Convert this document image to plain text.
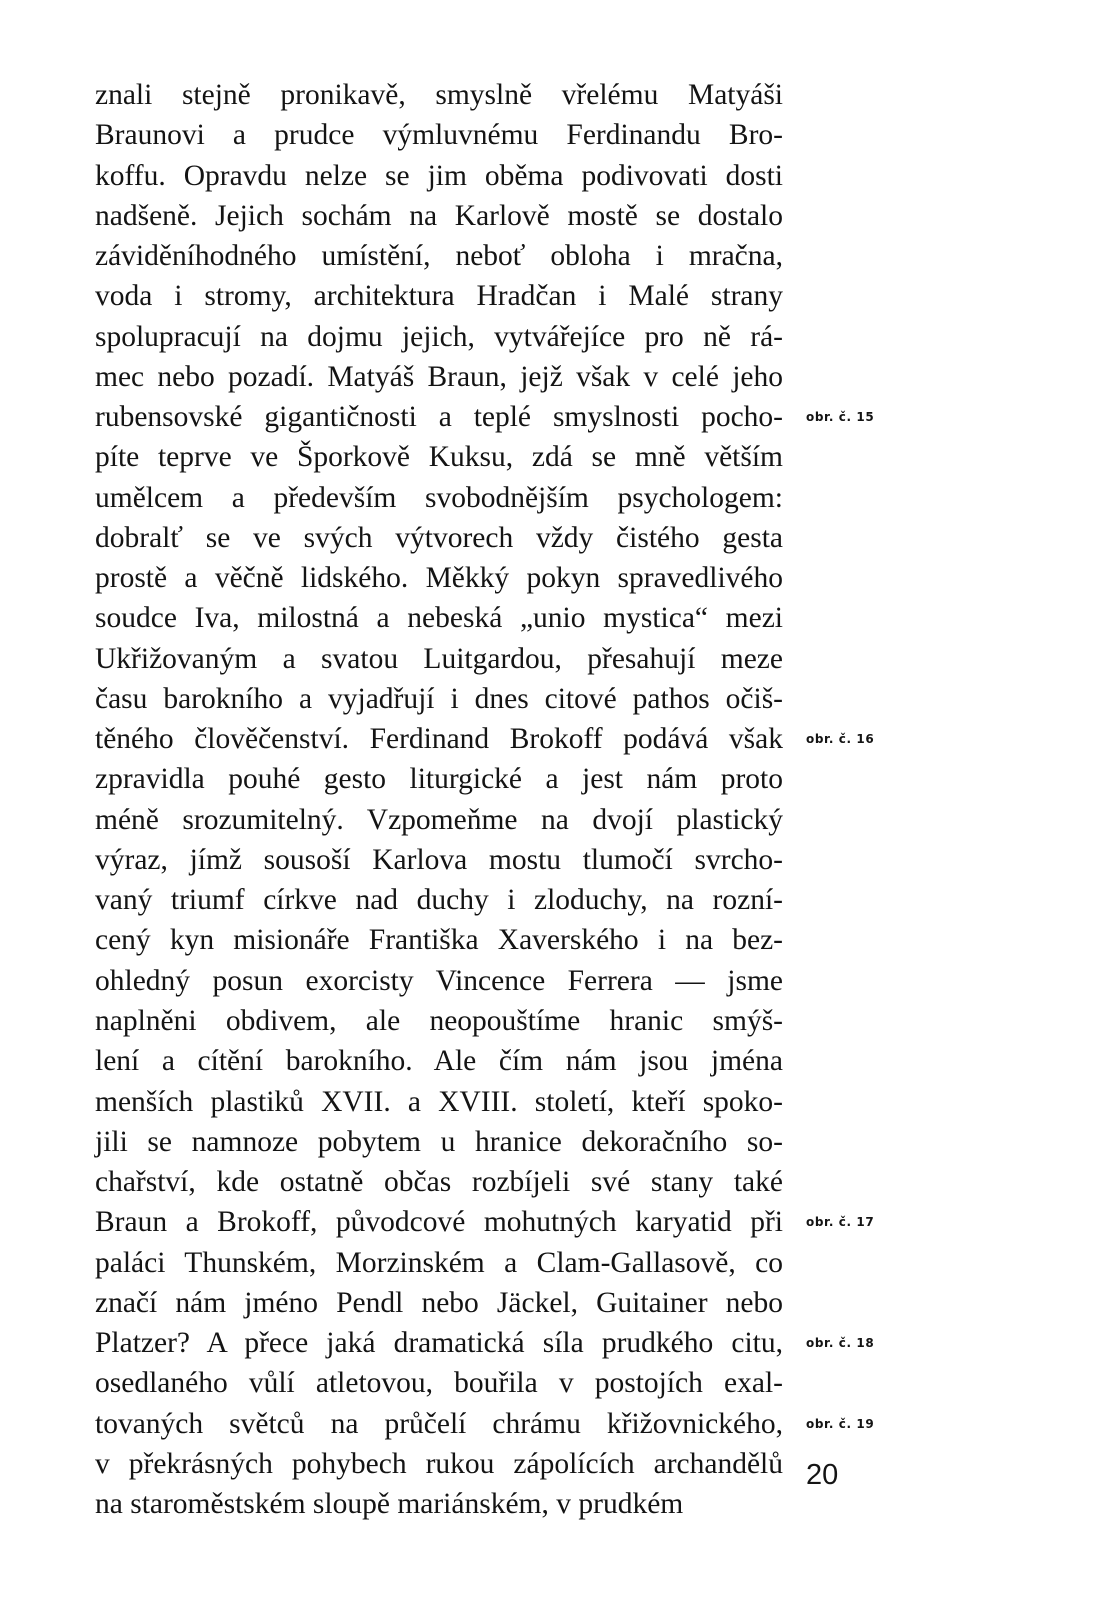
znali stejně pronikavě, smyslně vřelému Matyáši
Braunovi a prudce výmluvnému Ferdinandu Bro-
koffu. Opravdu nelze se jim oběma podivovati dosti
nadšeně. Jejich sochám na Karlově mostě se dostalo
záviděníhodného umístění, neboť obloha i mračna,
voda i stromy, architektura Hradčan i Malé strany
spolupracují na dojmu jejich, vytvářejíce pro ně rá-
mec nebo pozadí. Matyáš Braun, jejž však v celé jeho
rubensovské gigantičnosti a teplé smyslnosti pocho-
píte teprve ve Šporkově Kuksu, zdá se mně větším
umělcem a především svobodnějším psychologem:
dobralť se ve svých výtvorech vždy čistého gesta
prostě a věčně lidského. Měkký pokyn spravedlivého
soudce Iva, milostná a nebeská „unio mystica“ mezi
Ukřižovaným a svatou Luitgardou, přesahují meze
času barokního a vyjadřují i dnes citové pathos očiš-
těného člověčenství. Ferdinand Brokoff podává však
zpravidla pouhé gesto liturgické a jest nám proto
méně srozumitelný. Vzpomeňme na dvojí plastický
výraz, jímž sousoší Karlova mostu tlumočí svrcho-
vaný triumf církve nad duchy i zloduchy, na rozní-
cený kyn misionáře Františka Xaverského i na bez-
ohledný posun exorcisty Vincence Ferrera — jsme
naplněni obdivem, ale neopouštíme hranic smýš-
lení a cítění barokního. Ale čím nám jsou jména
menších plastiků XVII. a XVIII. století, kteří spoko-
jili se namnoze pobytem u hranice dekoračního so-
chařství, kde ostatně občas rozbíjeli své stany také
Braun a Brokoff, původcové mohutných karyatid při
paláci Thunském, Morzinském a Clam-Gallasově, co
značí nám jméno Pendl nebo Jäckel, Guitainer nebo
Platzer? A přece jaká dramatická síla prudkého citu,
osedlaného vůlí atletovou, bouřila v postojích exal-
tovaných světců na průčelí chrámu křižovnického,
v překrásných pohybech rukou zápolících archandělů
na staroměstském sloupě mariánském, v prudkém
obr. č. 15
obr. č. 16
obr. č. 17
obr. č. 18
obr. č. 19
20
